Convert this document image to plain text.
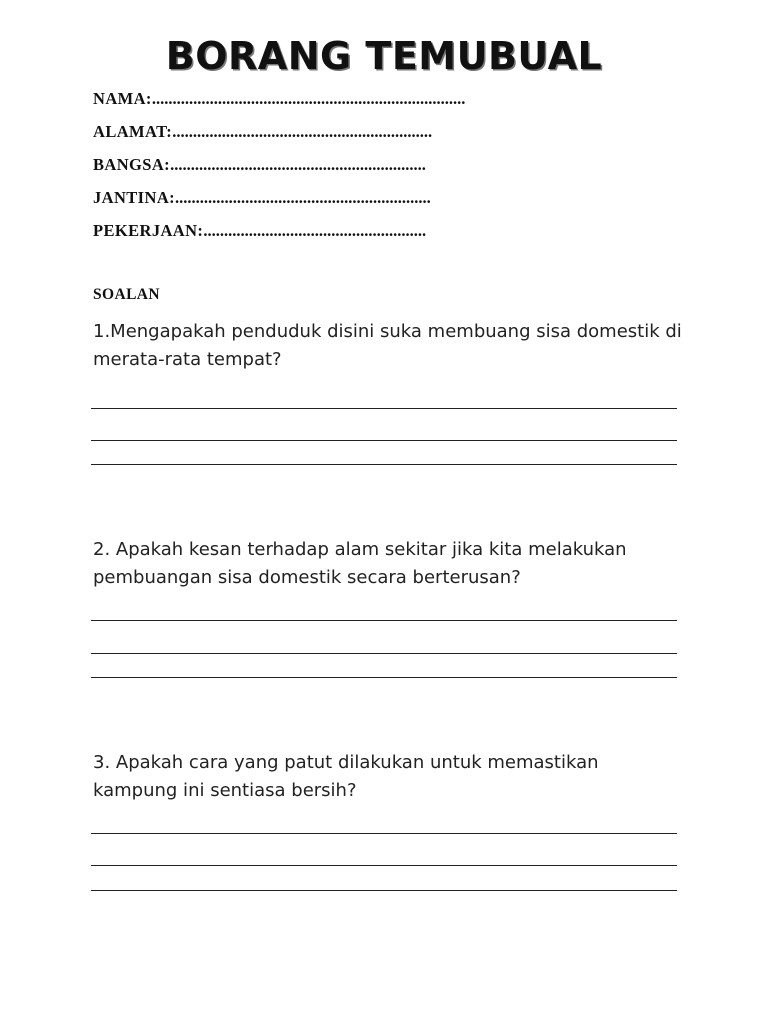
BORANG TEMUBUAL
NAMA:............................................................................
ALAMAT:...............................................................
BANGSA:..............................................................
JANTINA:..............................................................
PEKERJAAN:......................................................
SOALAN
1.Mengapakah penduduk disini suka membuang sisa domestik di merata-rata tempat?
2. Apakah kesan terhadap alam sekitar jika kita melakukan pembuangan sisa domestik secara berterusan?
3. Apakah cara yang patut dilakukan untuk memastikan kampung ini sentiasa bersih?
